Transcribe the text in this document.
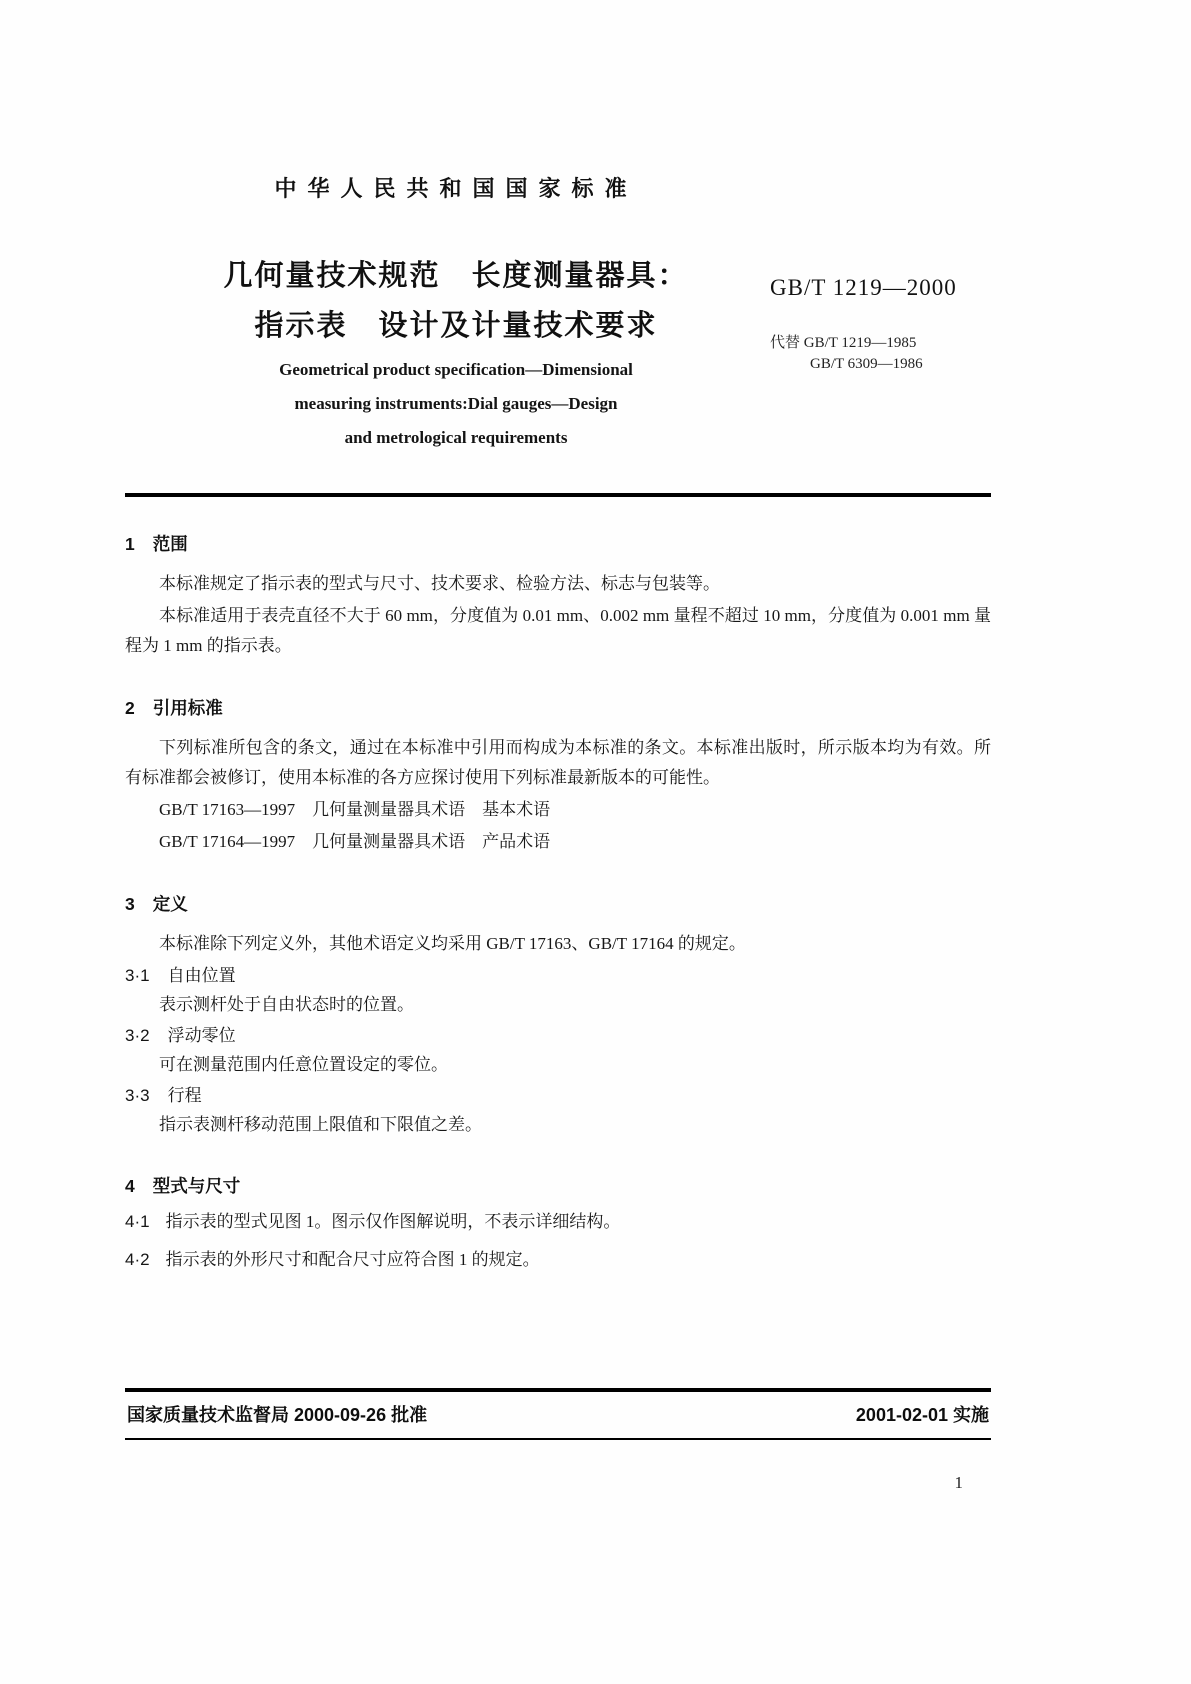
中华人民共和国国家标准
几何量技术规范　长度测量器具：
指示表　设计及计量技术要求
Geometrical product specification—Dimensional
measuring instruments:Dial gauges—Design
and metrological requirements
GB/T 1219—2000
代替 GB/T 1219—1985
GB/T 6309—1986
1 范围
本标准规定了指示表的型式与尺寸、技术要求、检验方法、标志与包装等。
本标准适用于表壳直径不大于 60 mm，分度值为 0.01 mm、0.002 mm 量程不超过 10 mm，分度值为 0.001 mm 量程为 1 mm 的指示表。
2 引用标准
下列标准所包含的条文，通过在本标准中引用而构成为本标准的条文。本标准出版时，所示版本均为有效。所有标准都会被修订，使用本标准的各方应探讨使用下列标准最新版本的可能性。
GB/T 17163—1997　几何量测量器具术语　基本术语
GB/T 17164—1997　几何量测量器具术语　产品术语
3 定义
本标准除下列定义外，其他术语定义均采用 GB/T 17163、GB/T 17164 的规定。
3·1 自由位置
表示测杆处于自由状态时的位置。
3·2 浮动零位
可在测量范围内任意位置设定的零位。
3·3 行程
指示表测杆移动范围上限值和下限值之差。
4 型式与尺寸
4·1 指示表的型式见图 1。图示仅作图解说明，不表示详细结构。
4·2 指示表的外形尺寸和配合尺寸应符合图 1 的规定。
国家质量技术监督局 2000-09-26 批准	2001-02-01 实施
1
